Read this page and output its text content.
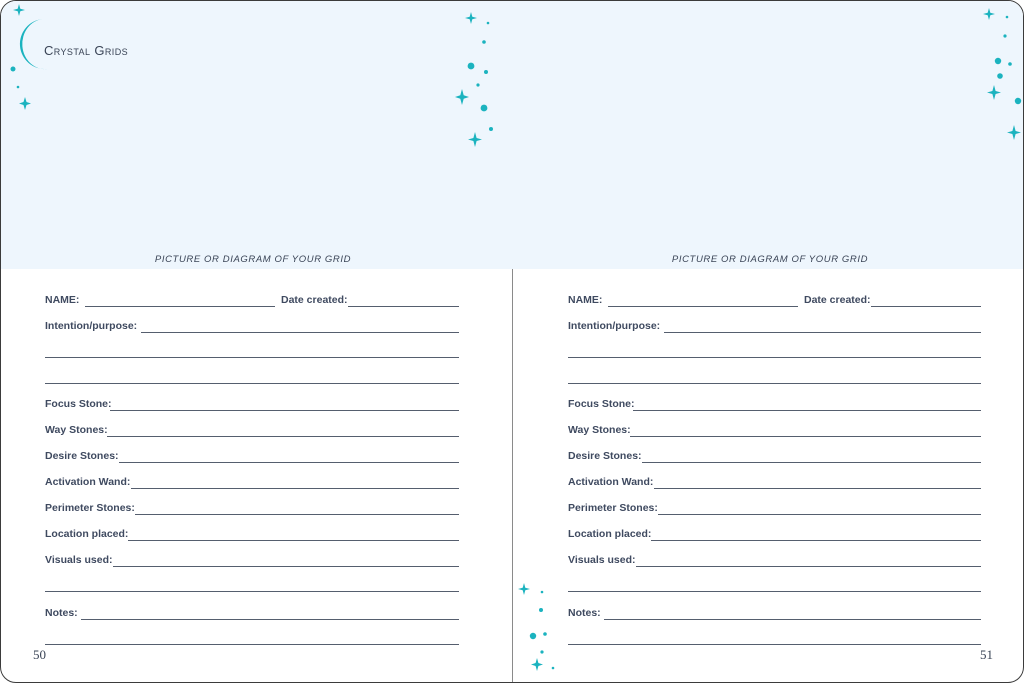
Crystal Grids
PICTURE OR DIAGRAM OF YOUR GRID
NAME:	Date created:
Intention/purpose:
Focus Stone:
Way Stones:
Desire Stones:
Activation Wand:
Perimeter Stones:
Location placed:
Visuals used:
Notes:
50
PICTURE OR DIAGRAM OF YOUR GRID
NAME:	Date created:
Intention/purpose:
Focus Stone:
Way Stones:
Desire Stones:
Activation Wand:
Perimeter Stones:
Location placed:
Visuals used:
Notes:
51
